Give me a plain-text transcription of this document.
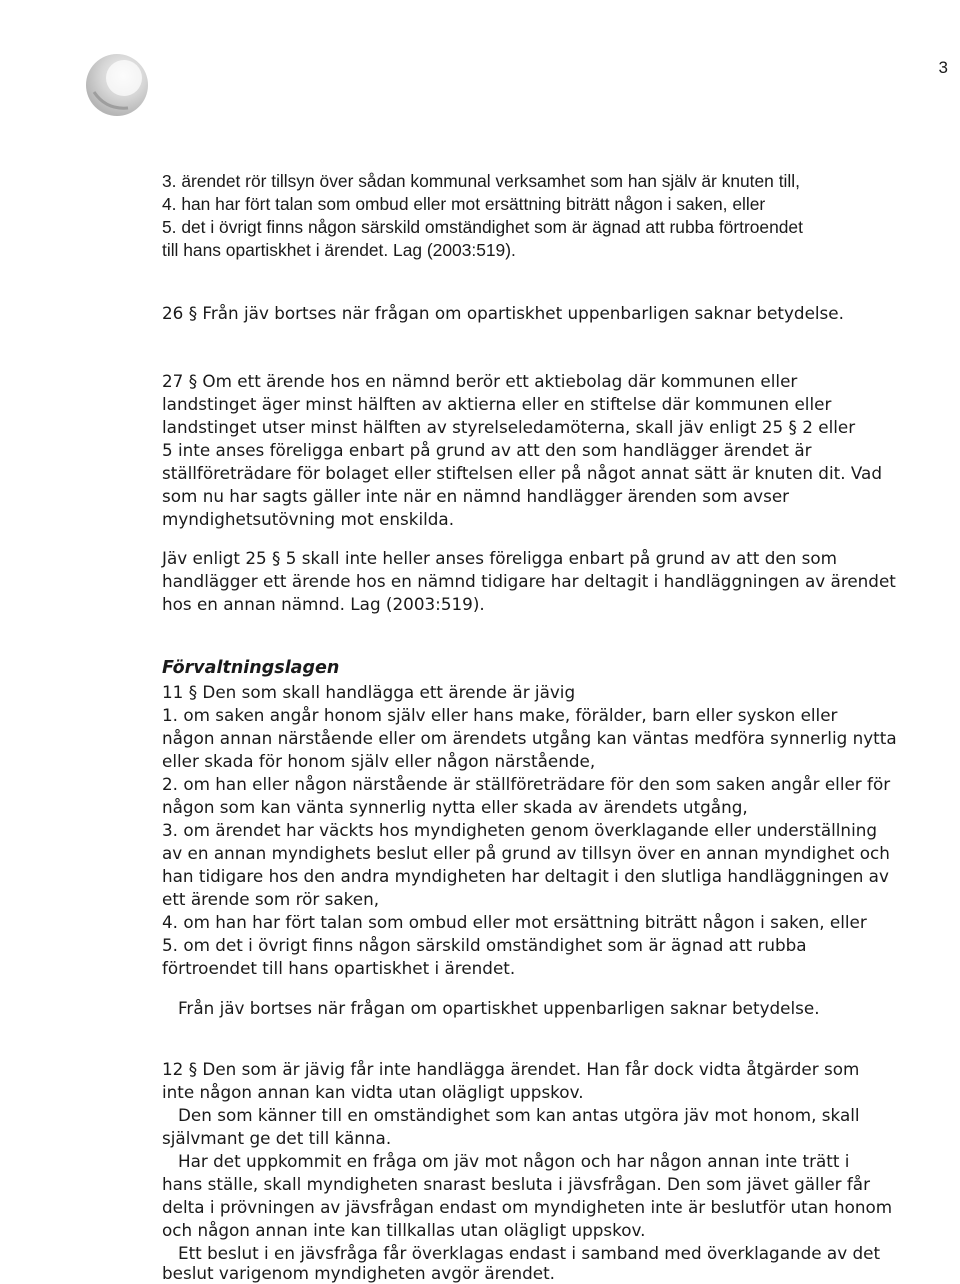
3
3. ärendet rör tillsyn över sådan kommunal verksamhet som han själv är knuten till,
4. han har fört talan som ombud eller mot ersättning biträtt någon i saken, eller
5. det i övrigt finns någon särskild omständighet som är ägnad att rubba förtroendet
till hans opartiskhet i ärendet. Lag (2003:519).
26 § Från jäv bortses när frågan om opartiskhet uppenbarligen saknar betydelse.
27 § Om ett ärende hos en nämnd berör ett aktiebolag där kommunen eller
landstinget äger minst hälften av aktierna eller en stiftelse där kommunen eller
landstinget utser minst hälften av styrelseledamöterna, skall jäv enligt 25 § 2 eller
5 inte anses föreligga enbart på grund av att den som handlägger ärendet är
ställföreträdare för bolaget eller stiftelsen eller på något annat sätt är knuten dit. Vad
som nu har sagts gäller inte när en nämnd handlägger ärenden som avser
myndighetsutövning mot enskilda.
Jäv enligt 25 § 5 skall inte heller anses föreligga enbart på grund av att den som
handlägger ett ärende hos en nämnd tidigare har deltagit i handläggningen av ärendet
hos en annan nämnd. Lag (2003:519).
Förvaltningslagen
11 § Den som skall handlägga ett ärende är jävig
1. om saken angår honom själv eller hans make, förälder, barn eller syskon eller
någon annan närstående eller om ärendets utgång kan väntas medföra synnerlig nytta
eller skada för honom själv eller någon närstående,
2. om han eller någon närstående är ställföreträdare för den som saken angår eller för
någon som kan vänta synnerlig nytta eller skada av ärendets utgång,
3. om ärendet har väckts hos myndigheten genom överklagande eller underställning
av en annan myndighets beslut eller på grund av tillsyn över en annan myndighet och
han tidigare hos den andra myndigheten har deltagit i den slutliga handläggningen av
ett ärende som rör saken,
4. om han har fört talan som ombud eller mot ersättning biträtt någon i saken, eller
5. om det i övrigt finns någon särskild omständighet som är ägnad att rubba
förtroendet till hans opartiskhet i ärendet.
Från jäv bortses när frågan om opartiskhet uppenbarligen saknar betydelse.
12 § Den som är jävig får inte handlägga ärendet. Han får dock vidta åtgärder som
inte någon annan kan vidta utan olägligt uppskov.
Den som känner till en omständighet som kan antas utgöra jäv mot honom, skall
självmant ge det till känna.
Har det uppkommit en fråga om jäv mot någon och har någon annan inte trätt i
hans ställe, skall myndigheten snarast besluta i jävsfrågan. Den som jävet gäller får
delta i prövningen av jävsfrågan endast om myndigheten inte är beslutför utan honom
och någon annan inte kan tillkallas utan olägligt uppskov.
Ett beslut i en jävsfråga får överklagas endast i samband med överklagande av det
beslut varigenom myndigheten avgör ärendet.
